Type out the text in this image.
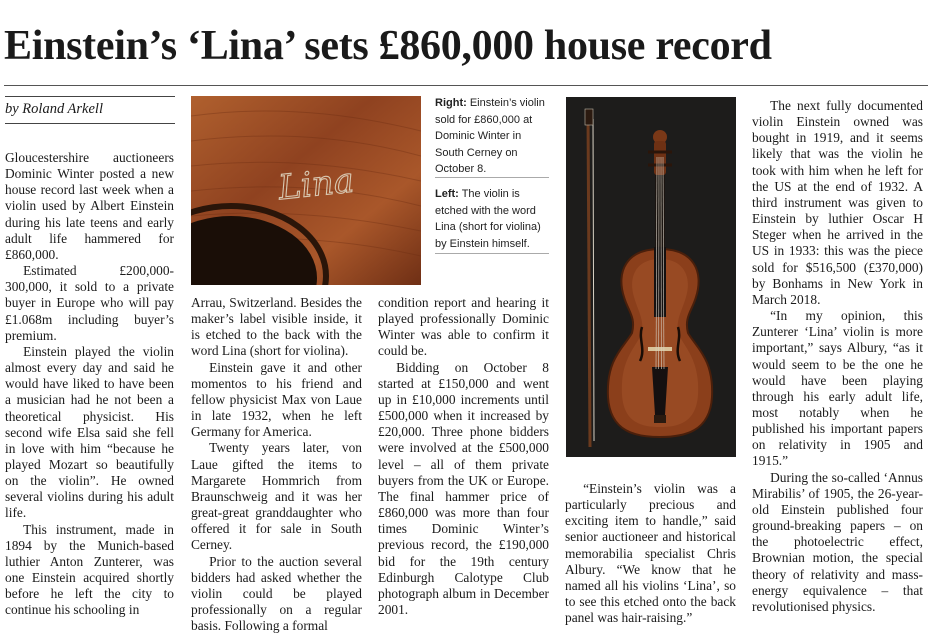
Einstein’s ‘Lina’ sets £860,000 house record
by Roland Arkell

Gloucestershire auctioneers Dominic Winter posted a new house record last week when a violin used by Albert Einstein during his late teens and early adult life hammered for £860,000.

Estimated £200,000-300,000, it sold to a private buyer in Europe who will pay £1.068m including buyer’s premium.

Einstein played the violin almost every day and said he would have liked to have been a musician had he not been a theoretical physicist. His second wife Elsa said she fell in love with him “because he played Mozart so beautifully on the violin”. He owned several violins during his adult life.

This instrument, made in 1894 by the Munich-based luthier Anton Zunterer, was one Einstein acquired shortly before he left the city to continue his schooling in

Lina
Right: Einstein’s violin sold for £860,000 at Dominic Winter in South Cerney on October 8.
Left: The violin is etched with the word Lina (short for violina) by Einstein himself.

Arrau, Switzerland. Besides the maker’s label visible inside, it is etched to the back with the word Lina (short for violina).

Einstein gave it and other momentos to his friend and fellow physicist Max von Laue in late 1932, when he left Germany for America.

Twenty years later, von Laue gifted the items to Margarete Hommrich from Braunschweig and it was her great-great granddaughter who offered it for sale in South Cerney.

Prior to the auction several bidders had asked whether the violin could be played professionally on a regular basis. Following a formal

condition report and hearing it played professionally Dominic Winter was able to confirm it could be.

Bidding on October 8 started at £150,000 and went up in £10,000 increments until £500,000 when it increased by £20,000. Three phone bidders were involved at the £500,000 level – all of them private buyers from the UK or Europe. The final hammer price of £860,000 was more than four times Dominic Winter’s previous record, the £190,000 bid for the 19th century Edinburgh Calotype Club photograph album in December 2001.

“Einstein’s violin was a particularly precious and exciting item to handle,” said senior auctioneer and historical memorabilia specialist Chris Albury. “We know that he named all his violins ‘Lina’, so to see this etched onto the back panel was hair-raising.”

The next fully documented violin Einstein owned was bought in 1919, and it seems likely that was the violin he took with him when he left for the US at the end of 1932. A third instrument was given to Einstein by luthier Oscar H Steger when he arrived in the US in 1933: this was the piece sold for $516,500 (£370,000) by Bonhams in New York in March 2018.

“In my opinion, this Zunterer ‘Lina’ violin is more important,” says Albury, “as it would seem to be the one he would have been playing through his early adult life, most notably when he published his important papers on relativity in 1905 and 1915.”

During the so-called ‘Annus Mirabilis’ of 1905, the 26-year-old Einstein published four ground-breaking papers – on the photoelectric effect, Brownian motion, the special theory of relativity and mass-energy equivalence – that revolutionised physics.
